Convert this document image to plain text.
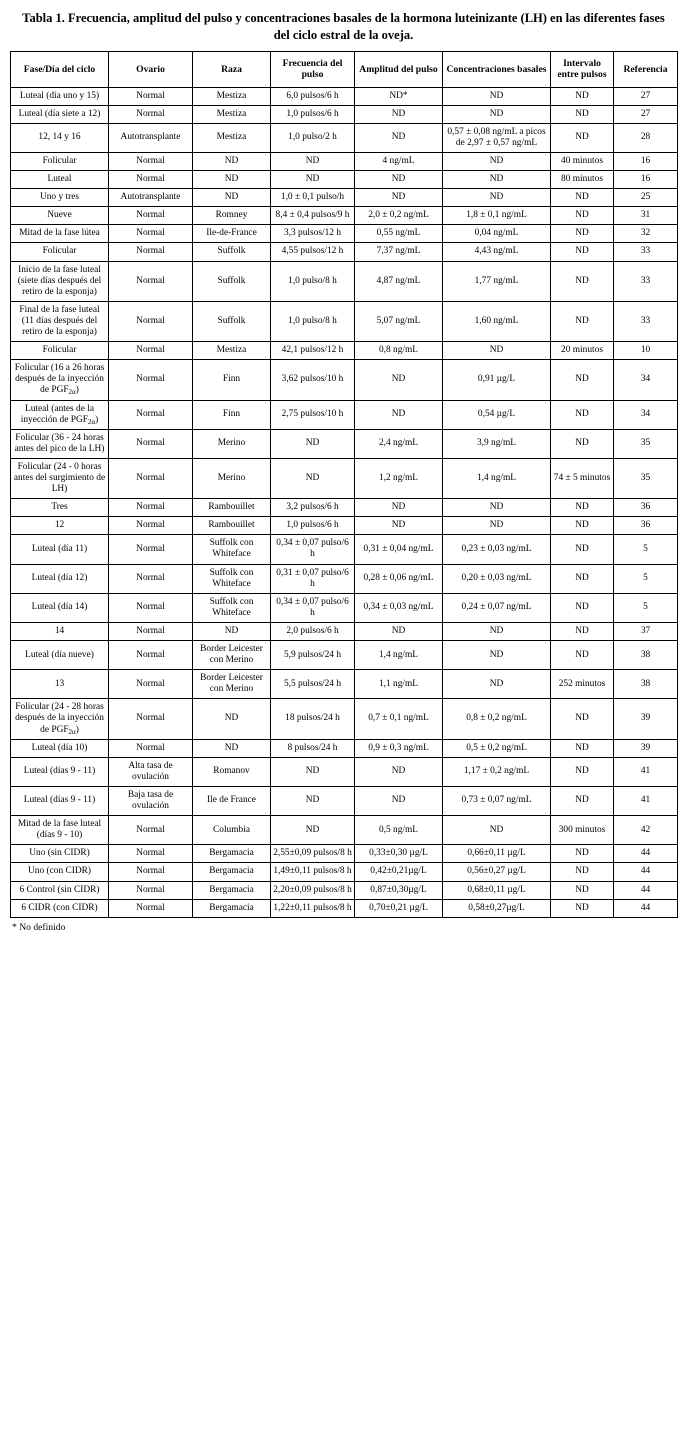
Tabla 1. Frecuencia, amplitud del pulso y concentraciones basales de la hormona luteinizante (LH) en las diferentes fases del ciclo estral de la oveja.
Fase/Día del ciclo	Ovario	Raza	Frecuencia del pulso	Amplitud del pulso	Concentraciones basales	Intervalo entre pulsos	Referencia
Luteal (día uno y 15)	Normal	Mestiza	6,0 pulsos/6 h	ND*	ND	ND	27
Luteal (día siete a 12)	Normal	Mestiza	1,0 pulsos/6 h	ND	ND	ND	27
12, 14 y 16	Autotransplante	Mestiza	1,0 pulso/2 h	ND	0,57 ± 0,08 ng/mL a picos de 2,97 ± 0,57 ng/mL	ND	28
Folicular	Normal	ND	ND	4 ng/mL	ND	40 minutos	16
Luteal	Normal	ND	ND	ND	ND	80 minutos	16
Uno y tres	Autotransplante	ND	1,0 ± 0,1 pulso/h	ND	ND	ND	25
Nueve	Normal	Romney	8,4 ± 0,4 pulsos/9 h	2,0 ± 0,2 ng/mL	1,8 ± 0,1 ng/mL	ND	31
Mitad de la fase lútea	Normal	Ile-de-France	3,3 pulsos/12 h	0,55 ng/mL	0,04 ng/mL	ND	32
Folicular	Normal	Suffolk	4,55 pulsos/12 h	7,37 ng/mL	4,43 ng/mL	ND	33
Inicio de la fase luteal (siete días después del retiro de la esponja)	Normal	Suffolk	1,0 pulso/8 h	4,87 ng/mL	1,77 ng/mL	ND	33
Final de la fase luteal (11 días después del retiro de la esponja)	Normal	Suffolk	1,0 pulso/8 h	5,07 ng/mL	1,60 ng/mL	ND	33
Folicular	Normal	Mestiza	42,1 pulsos/12 h	0,8 ng/mL	ND	20 minutos	10
Folicular (16 a 26 horas después de la inyección de $PGF_{2\alpha}$)	Normal	Finn	3,62 pulsos/10 h	ND	0,91 µg/L	ND	34
Luteal (antes de la inyección de $PGF_{2\alpha}$)	Normal	Finn	2,75 pulsos/10 h	ND	0,54 µg/L	ND	34
Folicular (36 - 24 horas antes del pico de la LH)	Normal	Merino	ND	2,4 ng/mL	3,9 ng/mL	ND	35
Folicular (24 - 0 horas antes del surgimiento de LH)	Normal	Merino	ND	1,2 ng/mL	1,4 ng/mL	74 ± 5 minutos	35
Tres	Normal	Rambouillet	3,2 pulsos/6 h	ND	ND	ND	36
12	Normal	Rambouillet	1,0 pulsos/6 h	ND	ND	ND	36
Luteal (día 11)	Normal	Suffolk con Whiteface	0,34 ± 0,07 pulso/6 h	0,31 ± 0,04 ng/mL	0,23 ± 0,03 ng/mL	ND	5
Luteal (día 12)	Normal	Suffolk con Whiteface	0,31 ± 0,07 pulso/6 h	0,28 ± 0,06 ng/mL	0,20 ± 0,03 ng/mL	ND	5
Luteal (día 14)	Normal	Suffolk con Whiteface	0,34 ± 0,07 pulso/6 h	0,34 ± 0,03 ng/mL	0,24 ± 0,07 ng/mL	ND	5
14	Normal	ND	2,0 pulsos/6 h	ND	ND	ND	37
Luteal (día nueve)	Normal	Border Leicester con Merino	5,9 pulsos/24 h	1,4 ng/mL	ND	ND	38
13	Normal	Border Leicester con Merino	5,5 pulsos/24 h	1,1 ng/mL	ND	252 minutos	38
Folicular (24 - 28 horas después de la inyección de $PGF_{2\alpha}$)	Normal	ND	18 pulsos/24 h	0,7 ± 0,1 ng/mL	0,8 ± 0,2 ng/mL	ND	39
Luteal (día 10)	Normal	ND	8 pulsos/24 h	0,9 ± 0,3 ng/mL	0,5 ± 0,2 ng/mL	ND	39
Luteal (días 9 - 11)	Alta tasa de ovulación	Romanov	ND	ND	1,17 ± 0,2 ng/mL	ND	41
Luteal (días 9 - 11)	Baja tasa de ovulación	Ile de France	ND	ND	0,73 ± 0,07 ng/mL	ND	41
Mitad de la fase luteal (días 9 - 10)	Normal	Columbia	ND	0,5 ng/mL	ND	300 minutos	42
Uno (sin CIDR)	Normal	Bergamacia	2,55±0,09 pulsos/8 h	0,33±0,30 µg/L	0,66±0,11 µg/L	ND	44
Uno (con CIDR)	Normal	Bergamacia	1,49±0,11 pulsos/8 h	0,42±0,21µg/L	0,56±0,27 µg/L	ND	44
6 Control (sin CIDR)	Normal	Bergamacia	2,20±0,09 pulsos/8 h	0,87±0,30µg/L	0,68±0,11 µg/L	ND	44
6 CIDR (con CIDR)	Normal	Bergamacia	1,22±0,11 pulsos/8 h	0,70±0,21 µg/L	0,58±0,27µg/L	ND	44
* No definido
